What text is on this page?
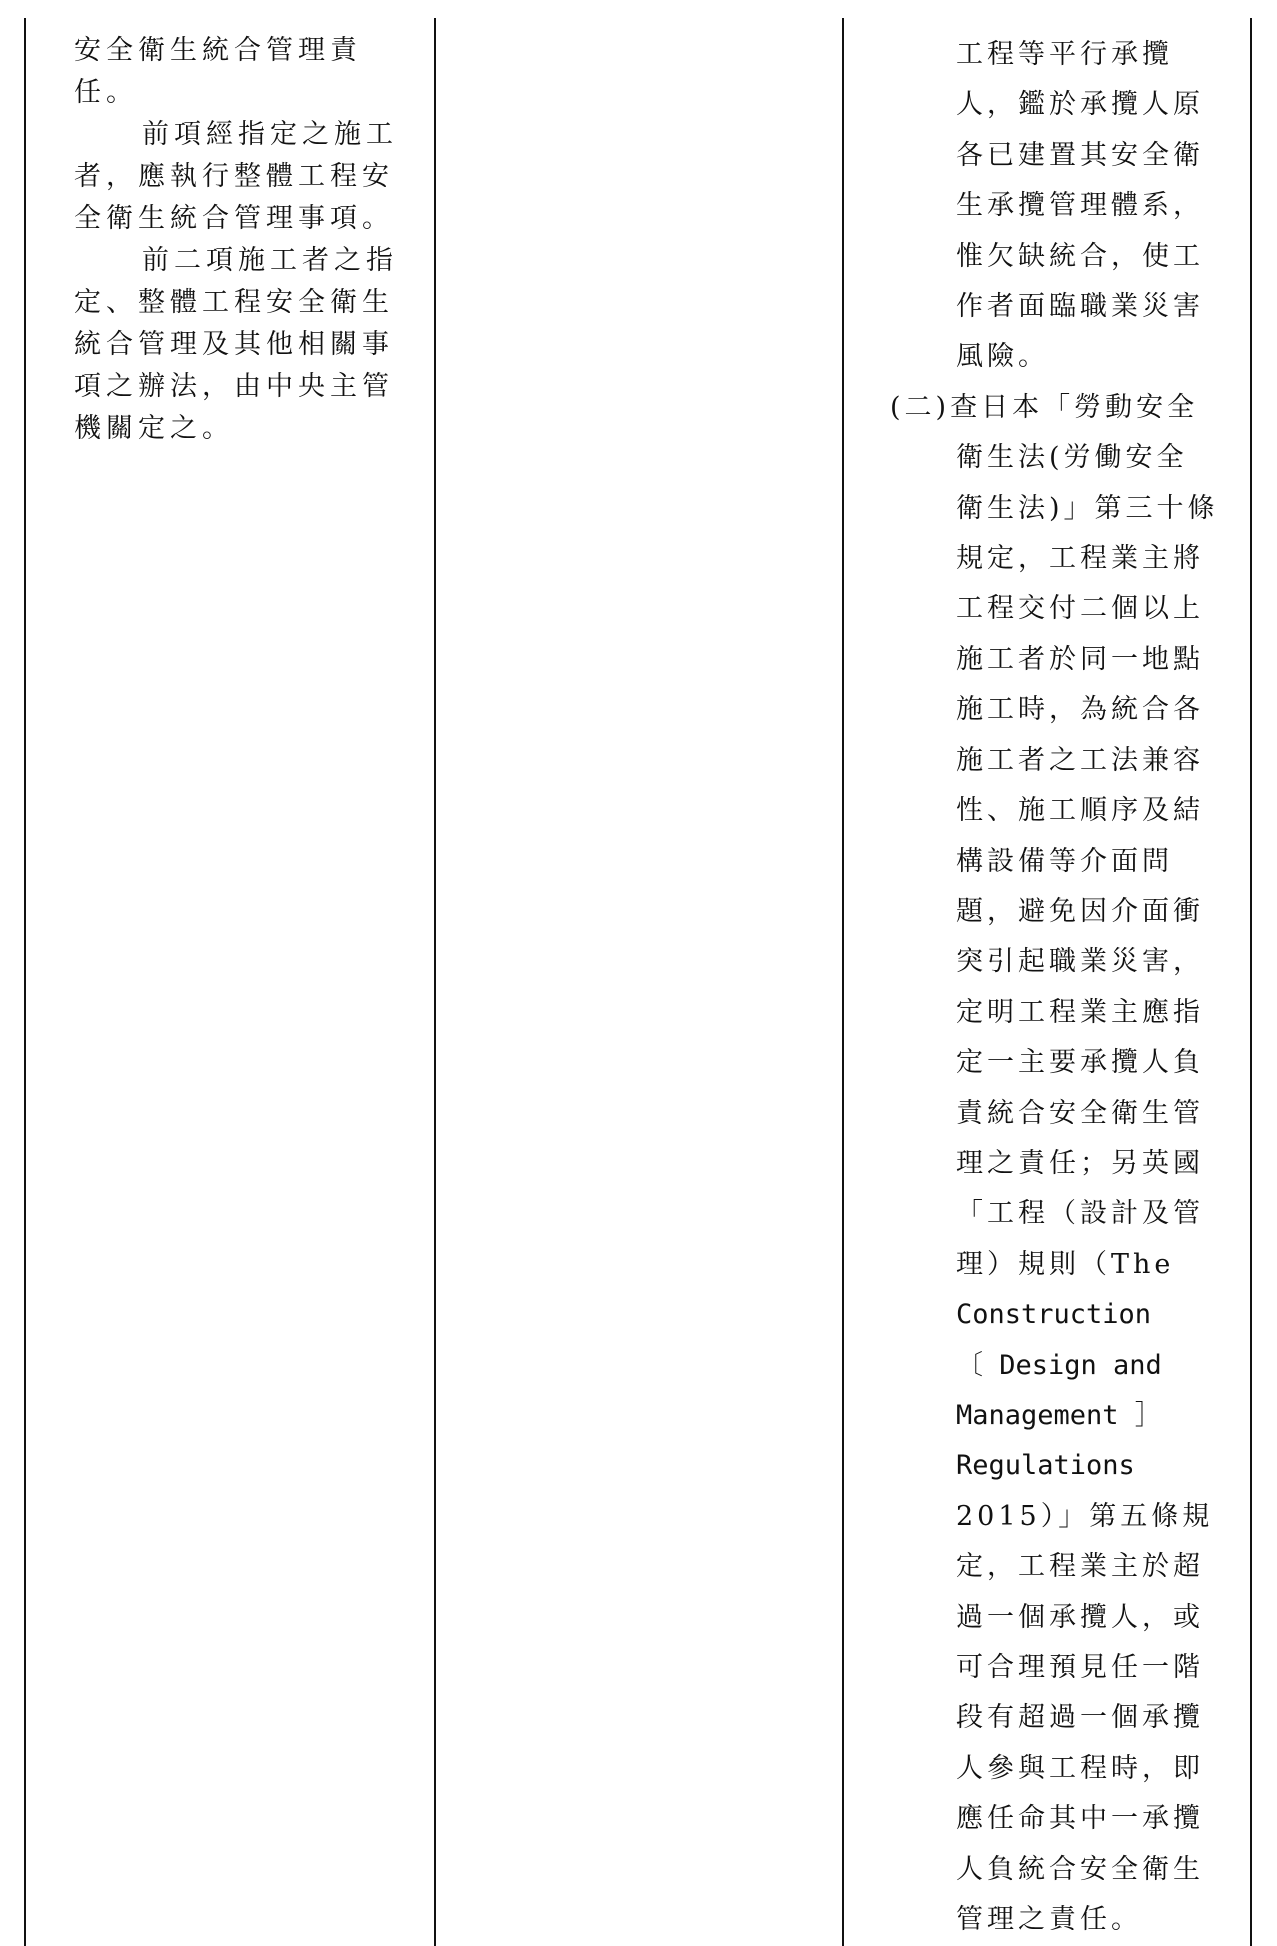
安全衛生統合管理責任。

前項經指定之施工者，應執行整體工程安全衛生統合管理事項。

前二項施工者之指定、整體工程安全衛生統合管理及其他相關事項之辦法，由中央主管機關定之。

工程等平行承攬
人，鑑於承攬人原
各已建置其安全衛
生承攬管理體系，
惟欠缺統合，使工
作者面臨職業災害
風險。
(二)查日本「勞動安全
衛生法(労働安全
衛生法)」第三十條
規定，工程業主將
工程交付二個以上
施工者於同一地點
施工時，為統合各
施工者之工法兼容
性、施工順序及結
構設備等介面問
題，避免因介面衝
突引起職業災害，
定明工程業主應指
定一主要承攬人負
責統合安全衛生管
理之責任；另英國
「工程（設計及管
理）規則（The
Construction
〔 Design and
Management ］
Regulations
2015）」第五條規
定，工程業主於超
過一個承攬人，或
可合理預見任一階
段有超過一個承攬
人參與工程時，即
應任命其中一承攬
人負統合安全衛生
管理之責任。
